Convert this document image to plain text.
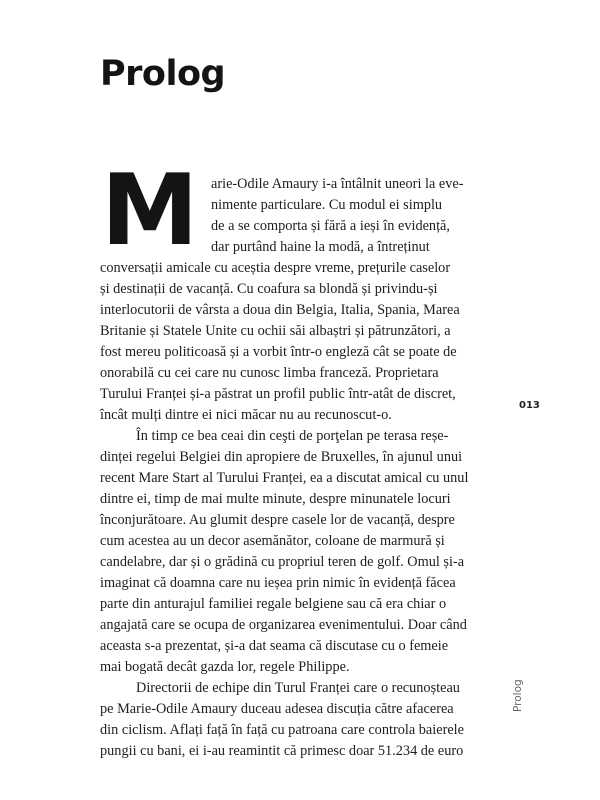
Prolog
M	arie-Odile Amaury i-a întâlnit uneori la eve-
nimente particulare. Cu modul ei simplu
de a se comporta și fără a ieși în evidență,
dar purtând haine la modă, a întreținut
conversații amicale cu aceștia despre vreme, prețurile caselor
și destinații de vacanță. Cu coafura sa blondă și privindu-și
interlocutorii de vârsta a doua din Belgia, Italia, Spania, Marea
Britanie și Statele Unite cu ochii săi albaștri și pătrunzători, a
fost mereu politicoasă și a vorbit într-o engleză cât se poate de
onorabilă cu cei care nu cunosc limba franceză. Proprietara
Turului Franței și-a păstrat un profil public într-atât de discret,
încât mulți dintre ei nici măcar nu au recunoscut-o.
În timp ce bea ceai din ceşti de porţelan pe terasa reșe-
dinței regelui Belgiei din apropiere de Bruxelles, în ajunul unui
recent Mare Start al Turului Franței, ea a discutat amical cu unul
dintre ei, timp de mai multe minute, despre minunatele locuri
înconjurătoare. Au glumit despre casele lor de vacanță, despre
cum acestea au un decor asemănător, coloane de marmură și
candelabre, dar și o grădină cu propriul teren de golf. Omul și-a
imaginat că doamna care nu ieșea prin nimic în evidență făcea
parte din anturajul familiei regale belgiene sau că era chiar o
angajată care se ocupa de organizarea evenimentului. Doar când
aceasta s-a prezentat, și-a dat seama că discutase cu o femeie
mai bogată decât gazda lor, regele Philippe.
Directorii de echipe din Turul Franței care o recunoșteau
pe Marie-Odile Amaury duceau adesea discuția către afacerea
din ciclism. Aflați față în față cu patroana care controla baierele
pungii cu bani, ei i-au reamintit că primesc doar 51.234 de euro
013
Prolog
